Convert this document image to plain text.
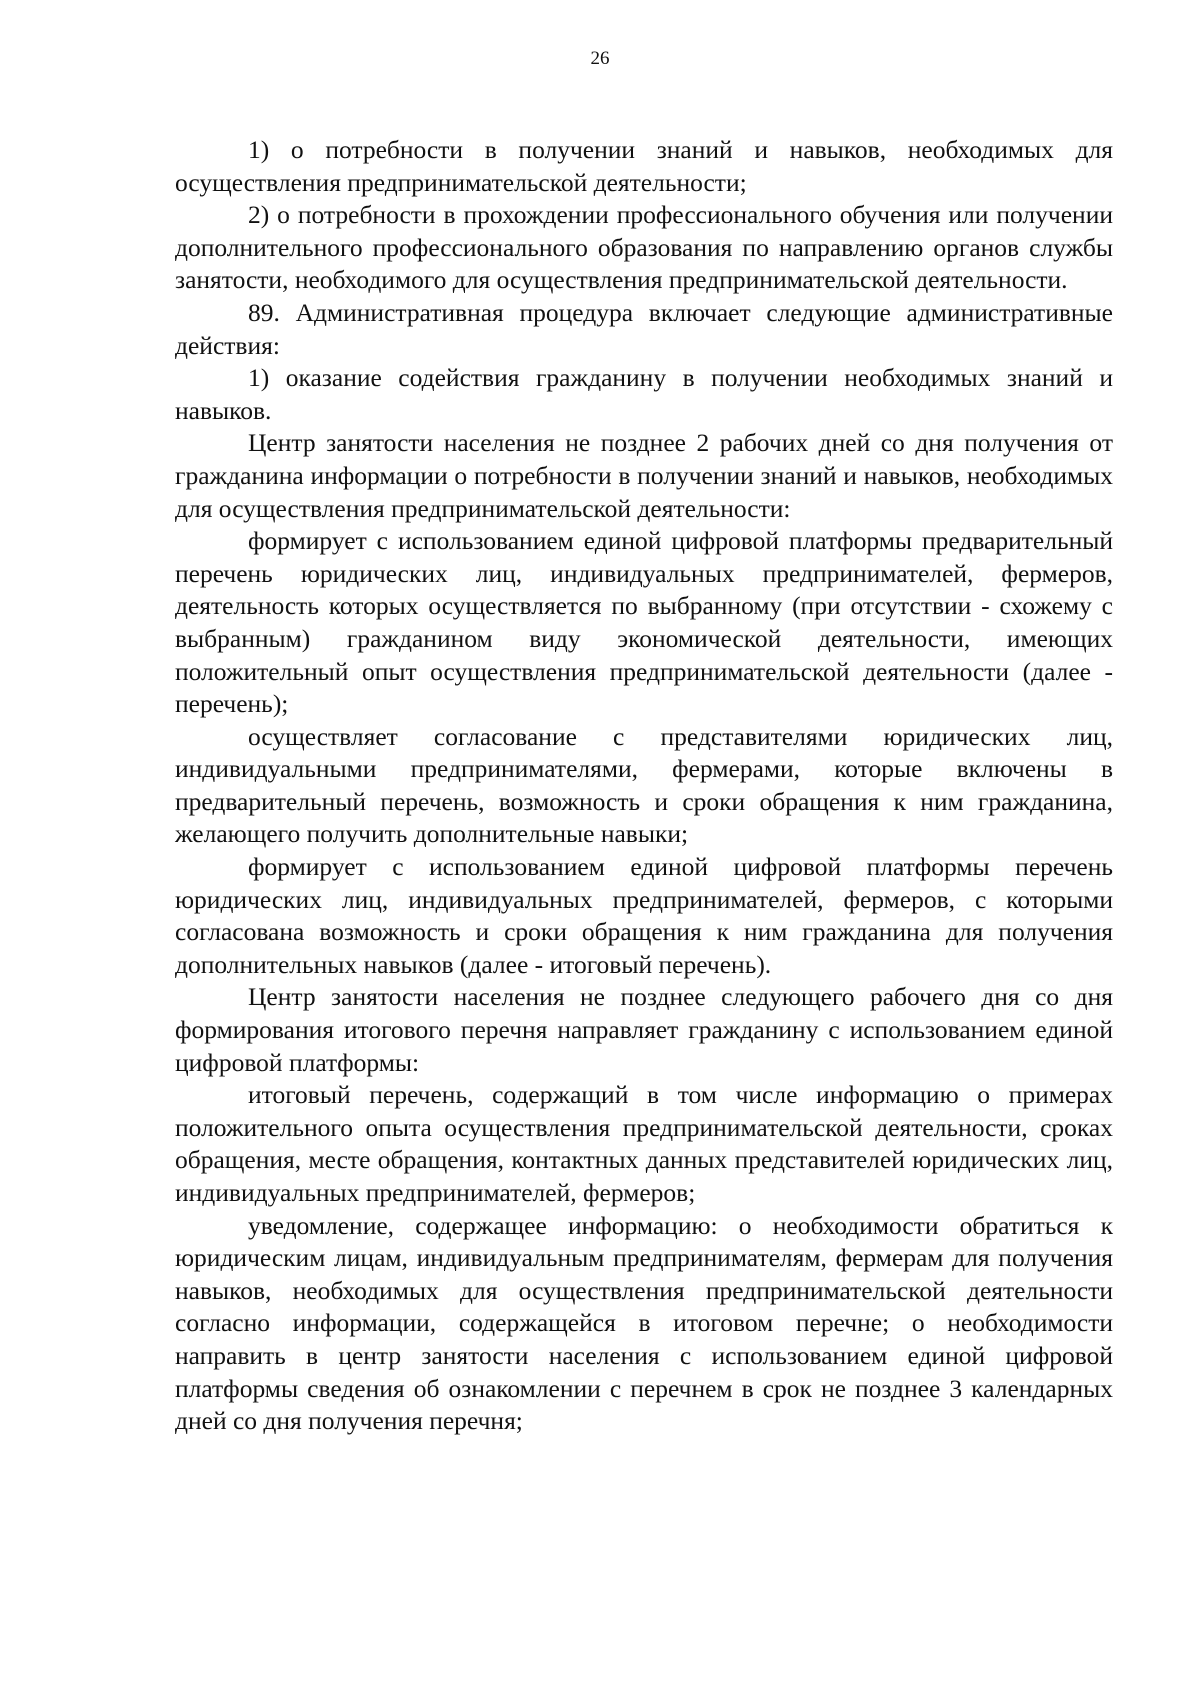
26

1) о потребности в получении знаний и навыков, необходимых для осуществления предпринимательской деятельности;

2) о потребности в прохождении профессионального обучения или получении дополнительного профессионального образования по направлению органов службы занятости, необходимого для осуществления предпринимательской деятельности.

89. Административная процедура включает следующие административные действия:

1) оказание содействия гражданину в получении необходимых знаний и навыков.

Центр занятости населения не позднее 2 рабочих дней со дня получения от гражданина информации о потребности в получении знаний и навыков, необходимых для осуществления предпринимательской деятельности:

формирует с использованием единой цифровой платформы предварительный перечень юридических лиц, индивидуальных предпринимателей, фермеров, деятельность которых осуществляется по выбранному (при отсутствии - схожему с выбранным) гражданином виду экономической деятельности, имеющих положительный опыт осуществления предпринимательской деятельности (далее - перечень);

осуществляет согласование с представителями юридических лиц, индивидуальными предпринимателями, фермерами, которые включены в предварительный перечень, возможность и сроки обращения к ним гражданина, желающего получить дополнительные навыки;

формирует с использованием единой цифровой платформы перечень юридических лиц, индивидуальных предпринимателей, фермеров, с которыми согласована возможность и сроки обращения к ним гражданина для получения дополнительных навыков (далее - итоговый перечень).

Центр занятости населения не позднее следующего рабочего дня со дня формирования итогового перечня направляет гражданину с использованием единой цифровой платформы:

итоговый перечень, содержащий в том числе информацию о примерах положительного опыта осуществления предпринимательской деятельности, сроках обращения, месте обращения, контактных данных представителей юридических лиц, индивидуальных предпринимателей, фермеров;

уведомление, содержащее информацию: о необходимости обратиться к юридическим лицам, индивидуальным предпринимателям, фермерам для получения навыков, необходимых для осуществления предпринимательской деятельности согласно информации, содержащейся в итоговом перечне; о необходимости направить в центр занятости населения с использованием единой цифровой платформы сведения об ознакомлении с перечнем в срок не позднее 3 календарных дней со дня получения перечня;
